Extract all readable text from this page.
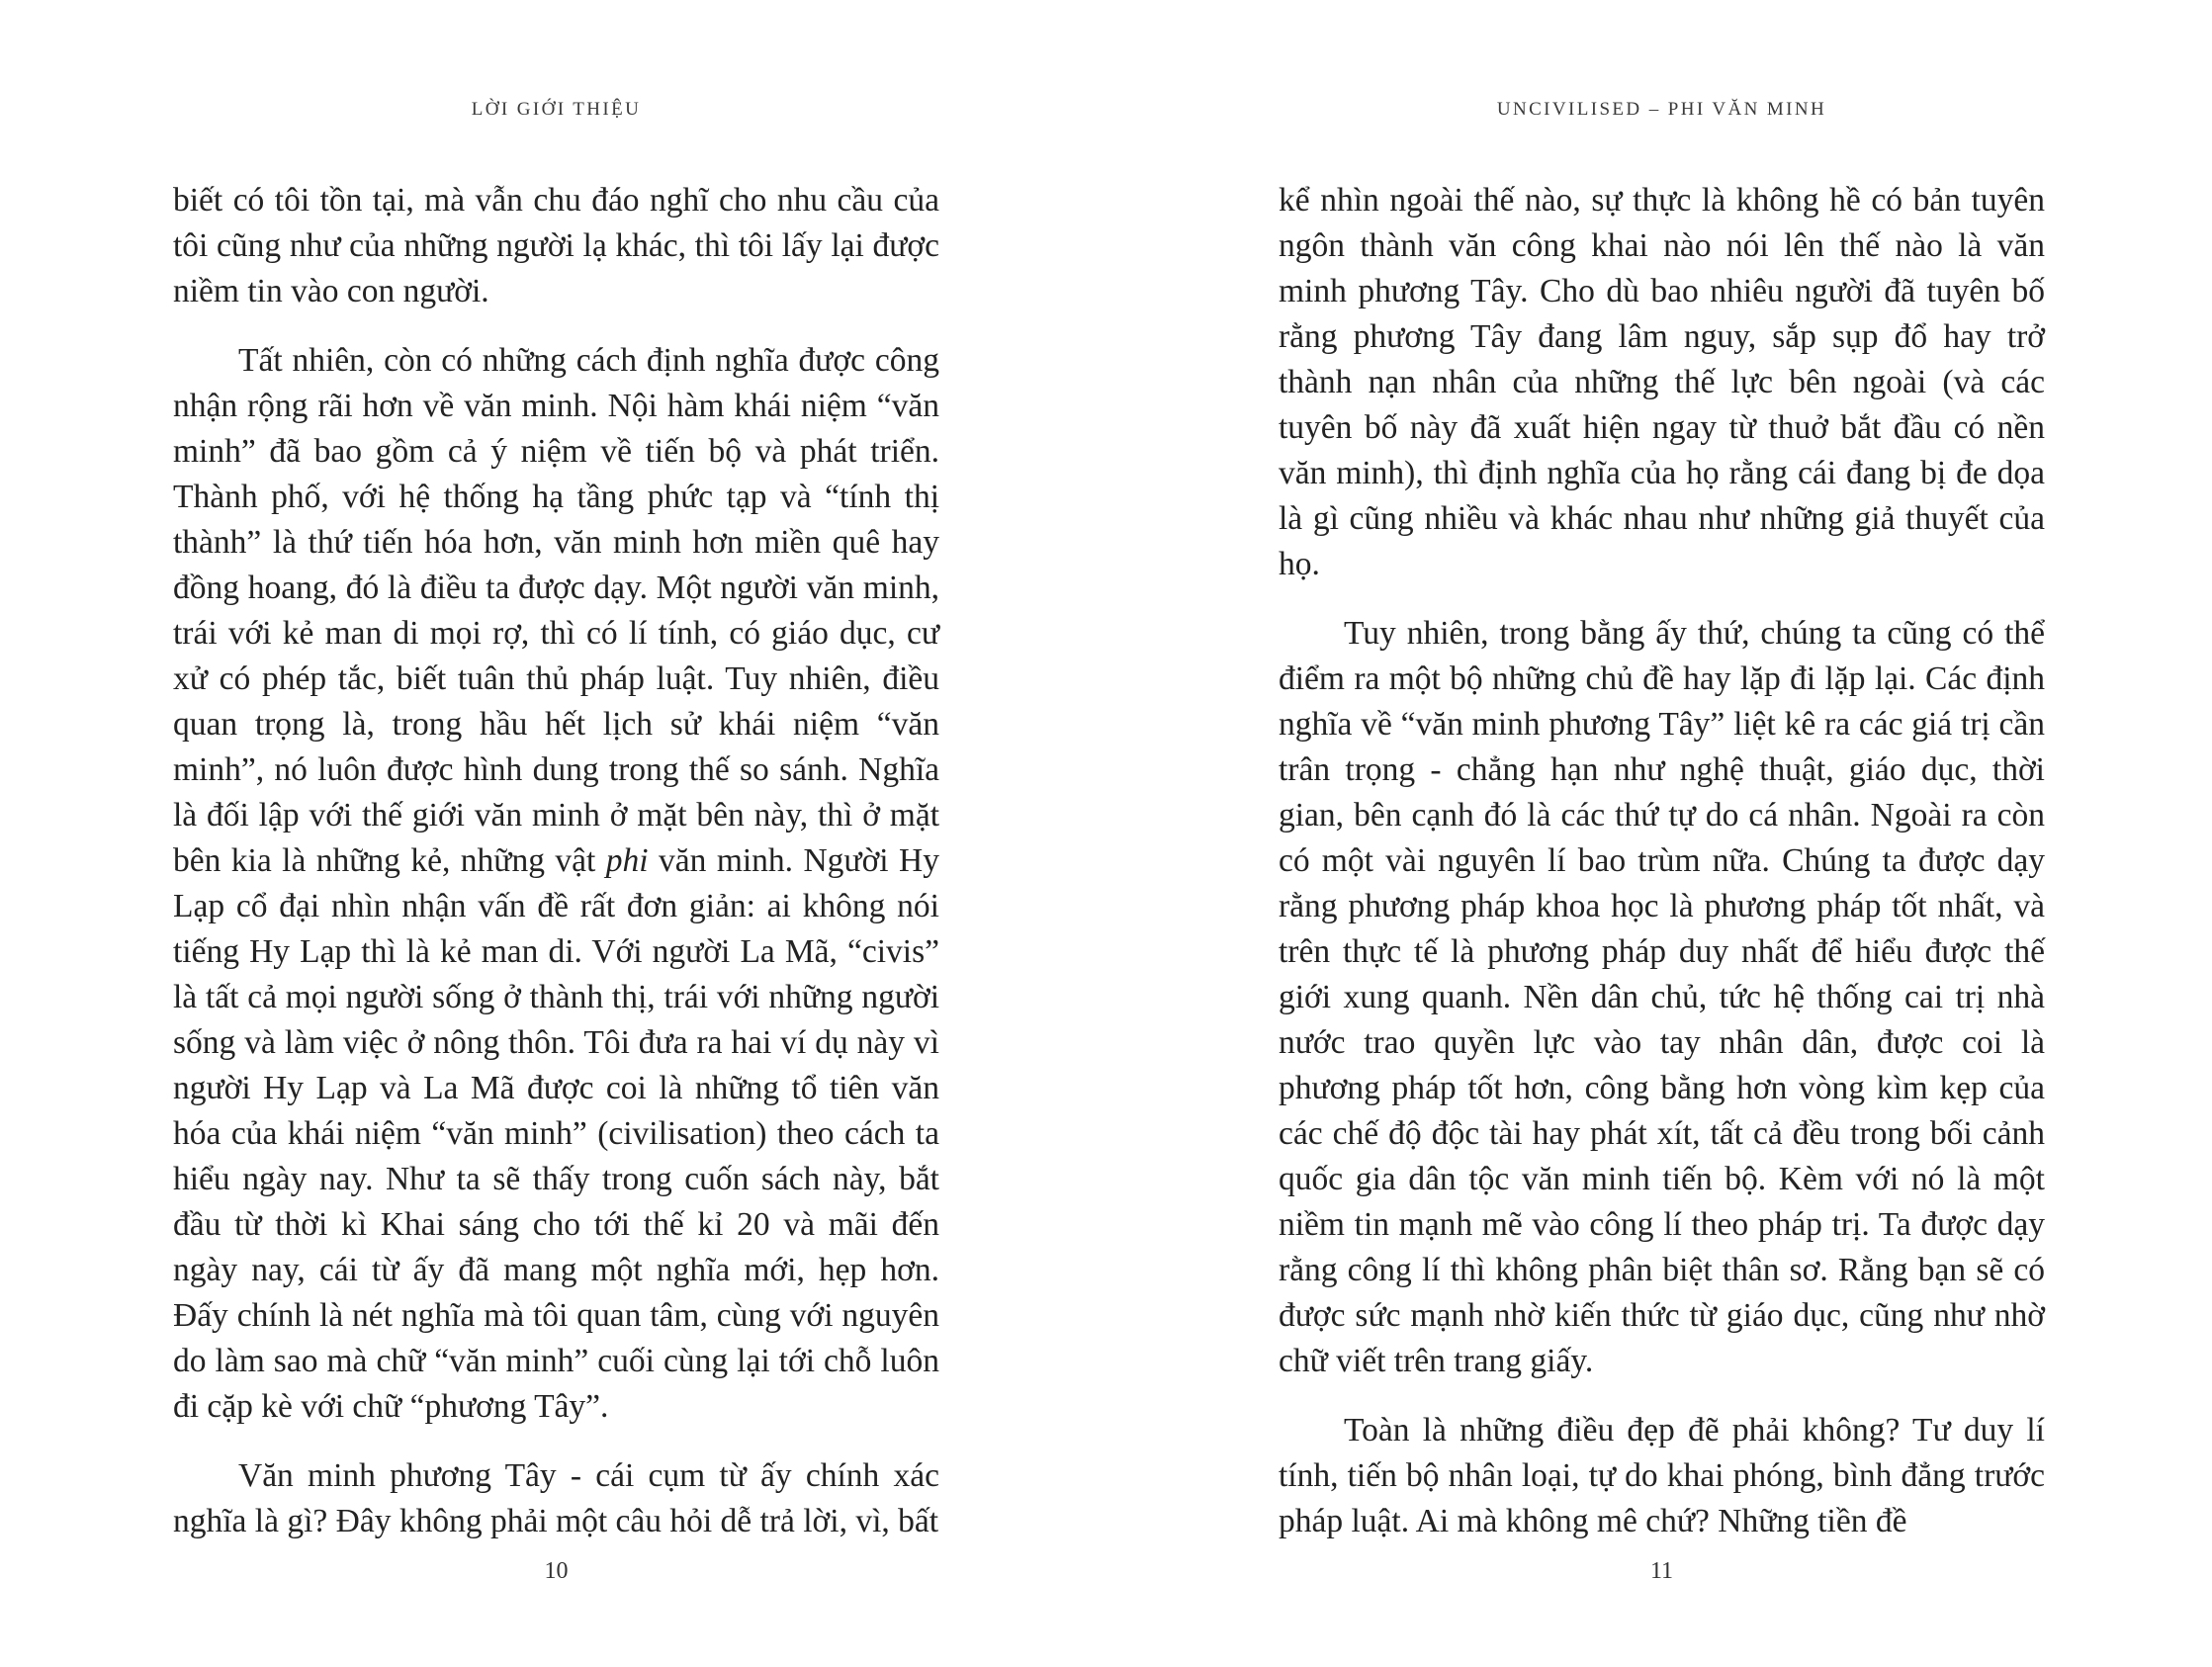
LỜI GIỚI THIỆU

biết có tôi tồn tại, mà vẫn chu đáo nghĩ cho nhu cầu của tôi cũng như của những người lạ khác, thì tôi lấy lại được niềm tin vào con người.

Tất nhiên, còn có những cách định nghĩa được công nhận rộng rãi hơn về văn minh. Nội hàm khái niệm “văn minh” đã bao gồm cả ý niệm về tiến bộ và phát triển. Thành phố, với hệ thống hạ tầng phức tạp và “tính thị thành” là thứ tiến hóa hơn, văn minh hơn miền quê hay đồng hoang, đó là điều ta được dạy. Một người văn minh, trái với kẻ man di mọi rợ, thì có lí tính, có giáo dục, cư xử có phép tắc, biết tuân thủ pháp luật. Tuy nhiên, điều quan trọng là, trong hầu hết lịch sử khái niệm “văn minh”, nó luôn được hình dung trong thế so sánh. Nghĩa là đối lập với thế giới văn minh ở mặt bên này, thì ở mặt bên kia là những kẻ, những vật phi văn minh. Người Hy Lạp cổ đại nhìn nhận vấn đề rất đơn giản: ai không nói tiếng Hy Lạp thì là kẻ man di. Với người La Mã, “civis” là tất cả mọi người sống ở thành thị, trái với những người sống và làm việc ở nông thôn. Tôi đưa ra hai ví dụ này vì người Hy Lạp và La Mã được coi là những tổ tiên văn hóa của khái niệm “văn minh” (civilisation) theo cách ta hiểu ngày nay. Như ta sẽ thấy trong cuốn sách này, bắt đầu từ thời kì Khai sáng cho tới thế kỉ 20 và mãi đến ngày nay, cái từ ấy đã mang một nghĩa mới, hẹp hơn. Đấy chính là nét nghĩa mà tôi quan tâm, cùng với nguyên do làm sao mà chữ “văn minh” cuối cùng lại tới chỗ luôn đi cặp kè với chữ “phương Tây”.

Văn minh phương Tây - cái cụm từ ấy chính xác nghĩa là gì? Đây không phải một câu hỏi dễ trả lời, vì, bất

10
UNCIVILISED – PHI VĂN MINH

kể nhìn ngoài thế nào, sự thực là không hề có bản tuyên ngôn thành văn công khai nào nói lên thế nào là văn minh phương Tây. Cho dù bao nhiêu người đã tuyên bố rằng phương Tây đang lâm nguy, sắp sụp đổ hay trở thành nạn nhân của những thế lực bên ngoài (và các tuyên bố này đã xuất hiện ngay từ thuở bắt đầu có nền văn minh), thì định nghĩa của họ rằng cái đang bị đe dọa là gì cũng nhiều và khác nhau như những giả thuyết của họ.

Tuy nhiên, trong bằng ấy thứ, chúng ta cũng có thể điểm ra một bộ những chủ đề hay lặp đi lặp lại. Các định nghĩa về “văn minh phương Tây” liệt kê ra các giá trị cần trân trọng - chẳng hạn như nghệ thuật, giáo dục, thời gian, bên cạnh đó là các thứ tự do cá nhân. Ngoài ra còn có một vài nguyên lí bao trùm nữa. Chúng ta được dạy rằng phương pháp khoa học là phương pháp tốt nhất, và trên thực tế là phương pháp duy nhất để hiểu được thế giới xung quanh. Nền dân chủ, tức hệ thống cai trị nhà nước trao quyền lực vào tay nhân dân, được coi là phương pháp tốt hơn, công bằng hơn vòng kìm kẹp của các chế độ độc tài hay phát xít, tất cả đều trong bối cảnh quốc gia dân tộc văn minh tiến bộ. Kèm với nó là một niềm tin mạnh mẽ vào công lí theo pháp trị. Ta được dạy rằng công lí thì không phân biệt thân sơ. Rằng bạn sẽ có được sức mạnh nhờ kiến thức từ giáo dục, cũng như nhờ chữ viết trên trang giấy.

Toàn là những điều đẹp đẽ phải không? Tư duy lí tính, tiến bộ nhân loại, tự do khai phóng, bình đẳng trước pháp luật. Ai mà không mê chứ? Những tiền đề

11
